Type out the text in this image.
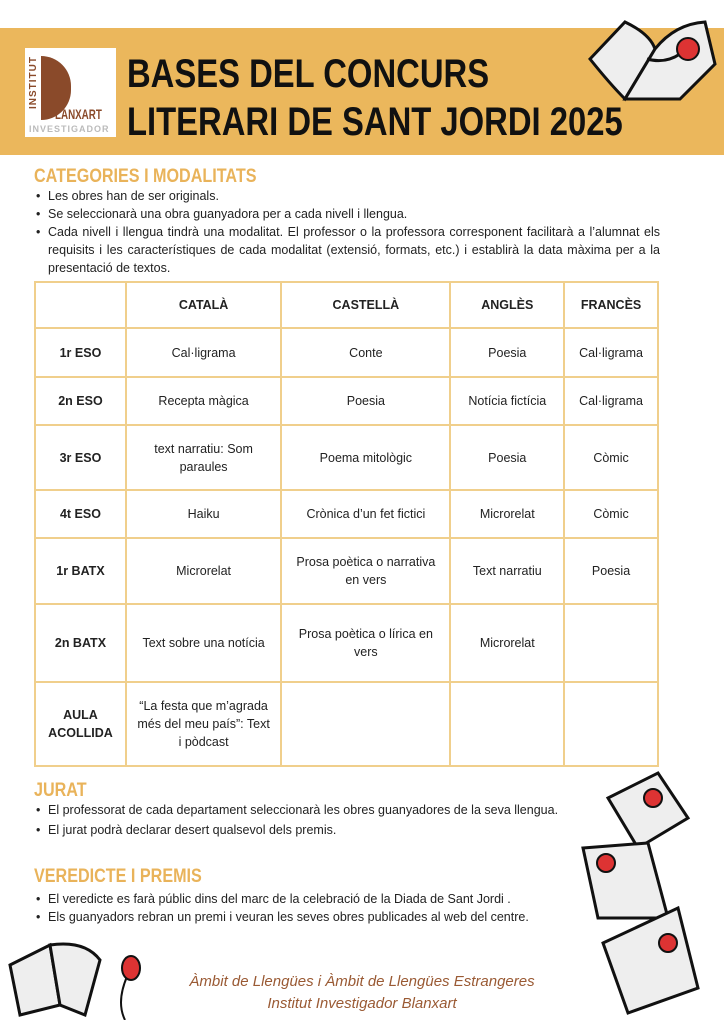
INSTITUT
LANXART
INVESTIGADOR
BASES DEL CONCURS
LITERARI DE SANT JORDI 2025
CATEGORIES I MODALITATS
• Les obres han de ser originals.
• Se seleccionarà una obra guanyadora per a cada nivell i llengua.
• Cada nivell i llengua tindrà una modalitat. El professor o la professora corresponent facilitarà a l’alumnat els requisits i les característiques de cada modalitat (extensió, formats, etc.) i establirà la data màxima per a la presentació de textos.
	CATALÀ	CASTELLÀ	ANGLÈS	FRANCÈS
1r ESO	Cal·ligrama	Conte	Poesia	Cal·ligrama
2n ESO	Recepta màgica	Poesia	Notícia fictícia	Cal·ligrama
3r ESO	text narratiu: Som paraules	Poema mitològic	Poesia	Còmic
4t ESO	Haiku	Crònica d’un fet fictici	Microrelat	Còmic
1r BATX	Microrelat	Prosa poètica o narrativa en vers	Text narratiu	Poesia
2n BATX	Text sobre una notícia	Prosa poètica o lírica en vers	Microrelat	
AULA ACOLLIDA	“La festa que m’agrada més del meu país”: Text i pòdcast			
JURAT
• El professorat de cada departament seleccionarà les obres guanyadores de la seva llengua.
• El jurat podrà declarar desert qualsevol dels premis.
VEREDICTE I PREMIS
• El veredicte es farà públic dins del marc de la celebració de la Diada de Sant Jordi .
• Els guanyadors rebran un premi i veuran les seves obres publicades al web del centre.
Àmbit de Llengües i Àmbit de Llengües Estrangeres
Institut Investigador Blanxart
